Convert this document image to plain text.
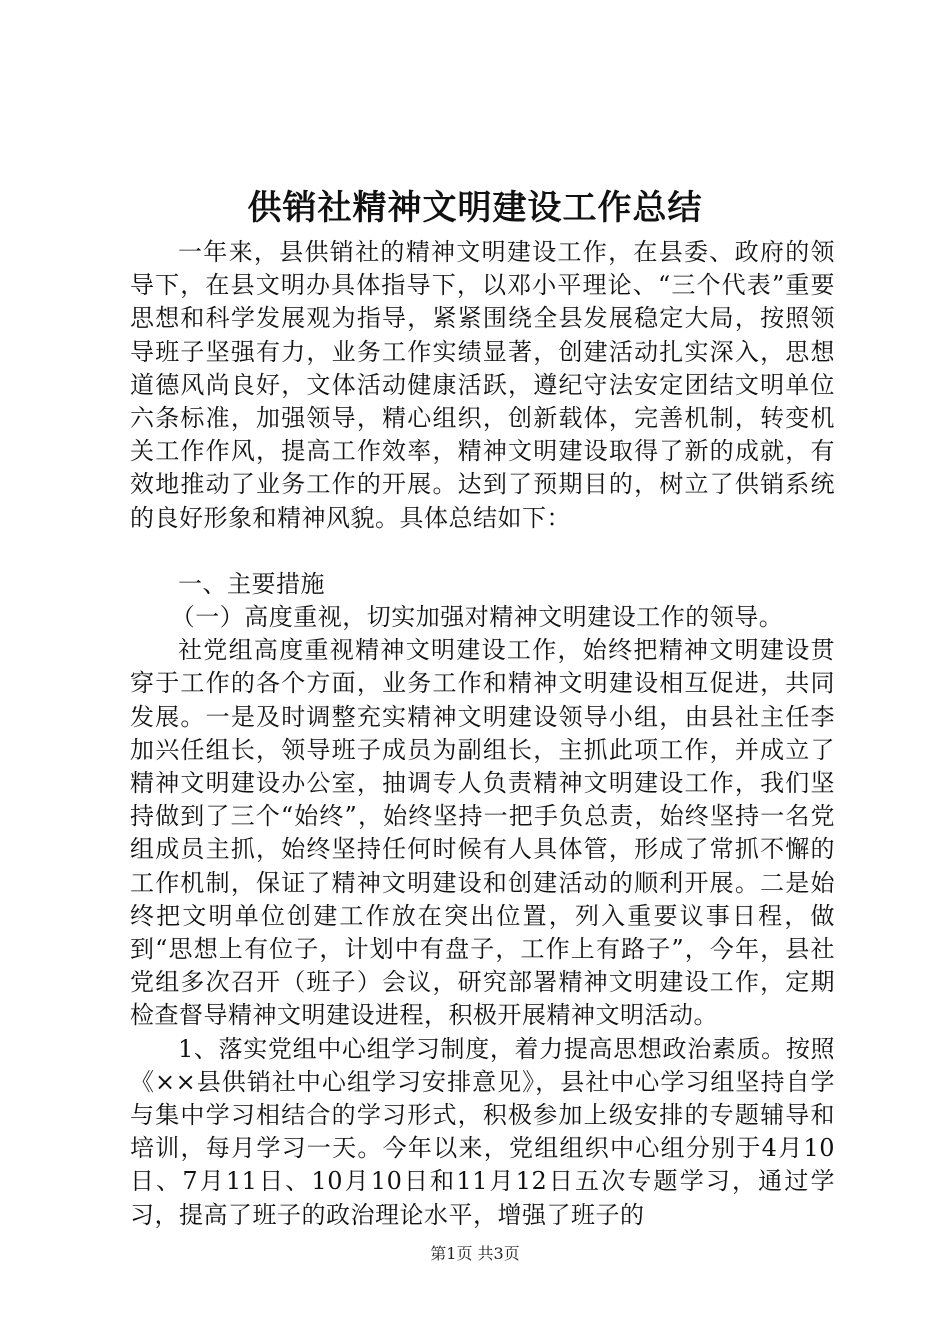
供销社精神文明建设工作总结

一年来，县供销社的精神文明建设工作，在县委、政府的领导下，在县文明办具体指导下，以邓小平理论、“三个代表”重要思想和科学发展观为指导，紧紧围绕全县发展稳定大局，按照领导班子坚强有力，业务工作实绩显著，创建活动扎实深入，思想道德风尚良好，文体活动健康活跃，遵纪守法安定团结文明单位六条标准，加强领导，精心组织，创新载体，完善机制，转变机关工作作风，提高工作效率，精神文明建设取得了新的成就，有效地推动了业务工作的开展。达到了预期目的，树立了供销系统的良好形象和精神风貌。具体总结如下：

一、主要措施

（一）高度重视，切实加强对精神文明建设工作的领导。

社党组高度重视精神文明建设工作，始终把精神文明建设贯穿于工作的各个方面，业务工作和精神文明建设相互促进，共同发展。一是及时调整充实精神文明建设领导小组，由县社主任李加兴任组长，领导班子成员为副组长，主抓此项工作，并成立了精神文明建设办公室，抽调专人负责精神文明建设工作，我们坚持做到了三个“始终”，始终坚持一把手负总责，始终坚持一名党组成员主抓，始终坚持任何时候有人具体管，形成了常抓不懈的工作机制，保证了精神文明建设和创建活动的顺利开展。二是始终把文明单位创建工作放在突出位置，列入重要议事日程，做到“思想上有位子，计划中有盘子，工作上有路子”，今年，县社党组多次召开（班子）会议，研究部署精神文明建设工作，定期检查督导精神文明建设进程，积极开展精神文明活动。

1、落实党组中心组学习制度，着力提高思想政治素质。按照《××县供销社中心组学习安排意见》，县社中心学习组坚持自学与集中学习相结合的学习形式，积极参加上级安排的专题辅导和培训，每月学习一天。今年以来，党组组织中心组分别于4月10日、7月11日、10月10日和11月12日五次专题学习，通过学习，提高了班子的政治理论水平，增强了班子的

第1页 共3页
